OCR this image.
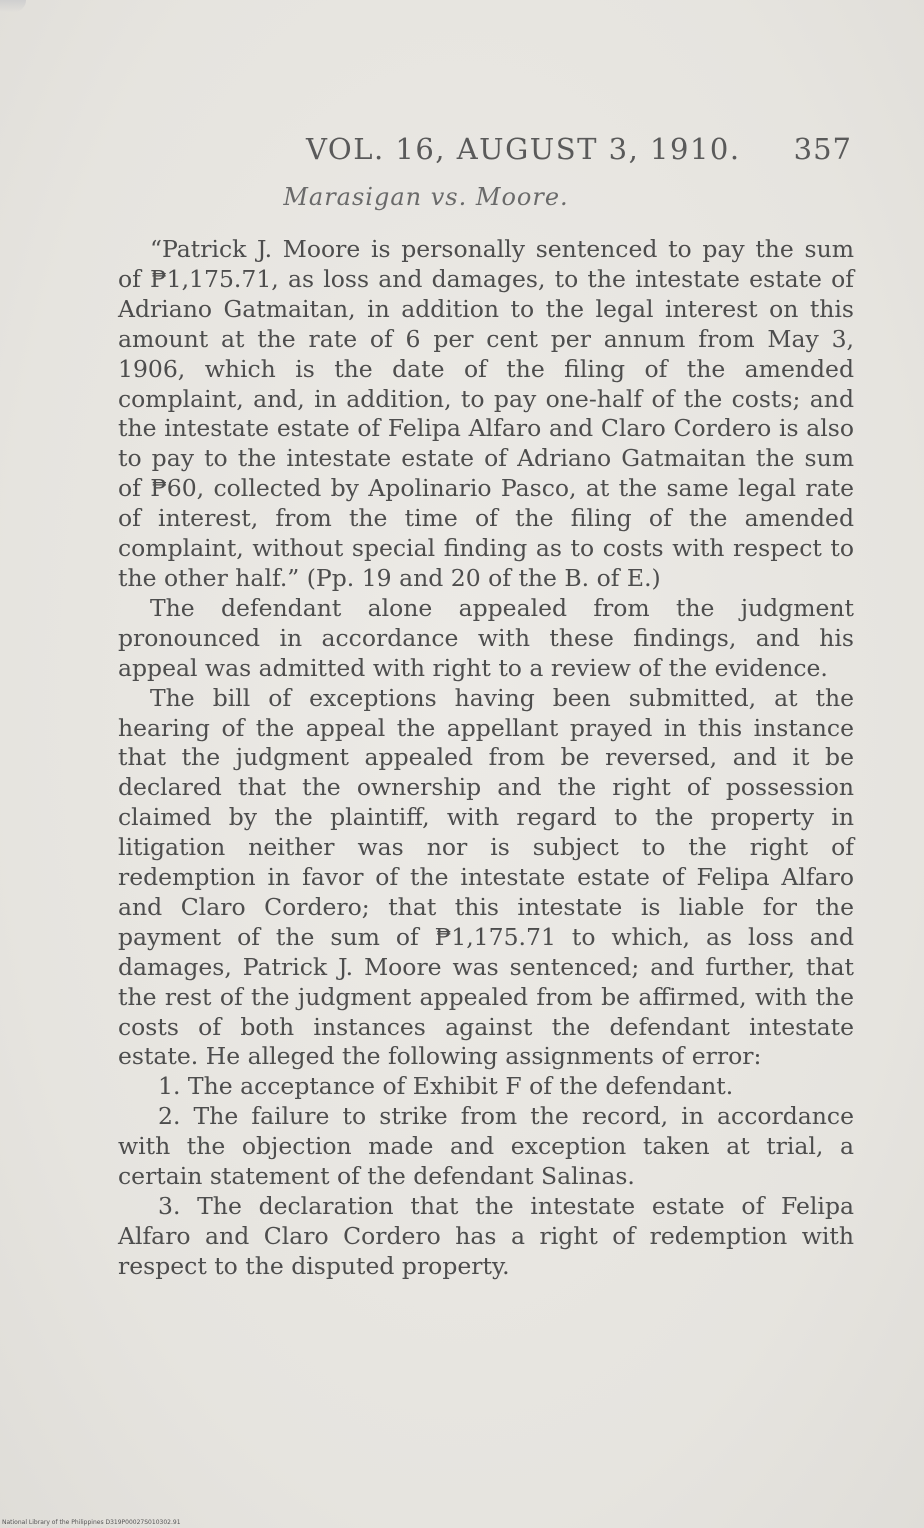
VOL. 16, AUGUST 3, 1910. 357
Marasigan vs. Moore.

“Patrick J. Moore is personally sentenced to pay the sum of ₱1,175.71, as loss and damages, to the intestate estate of Adriano Gatmaitan, in addition to the legal interest on this amount at the rate of 6 per cent per annum from May 3, 1906, which is the date of the filing of the amended complaint, and, in addition, to pay one-half of the costs; and the intestate estate of Felipa Alfaro and Claro Cordero is also to pay to the intestate estate of Adriano Gatmaitan the sum of ₱60, collected by Apolinario Pasco, at the same legal rate of interest, from the time of the filing of the amended complaint, without special finding as to costs with respect to the other half.” (Pp. 19 and 20 of the B. of E.)

The defendant alone appealed from the judgment pronounced in accordance with these findings, and his appeal was admitted with right to a review of the evidence.

The bill of exceptions having been submitted, at the hearing of the appeal the appellant prayed in this instance that the judgment appealed from be reversed, and it be declared that the ownership and the right of possession claimed by the plaintiff, with regard to the property in litigation neither was nor is subject to the right of redemption in favor of the intestate estate of Felipa Alfaro and Claro Cordero; that this intestate is liable for the payment of the sum of ₱1,175.71 to which, as loss and damages, Patrick J. Moore was sentenced; and further, that the rest of the judgment appealed from be affirmed, with the costs of both instances against the defendant intestate estate. He alleged the following assignments of error:

1. The acceptance of Exhibit F of the defendant.

2. The failure to strike from the record, in accordance with the objection made and exception taken at trial, a certain statement of the defendant Salinas.

3. The declaration that the intestate estate of Felipa Alfaro and Claro Cordero has a right of redemption with respect to the disputed property.

National Library of the Philippines D319P00027S010302.91
